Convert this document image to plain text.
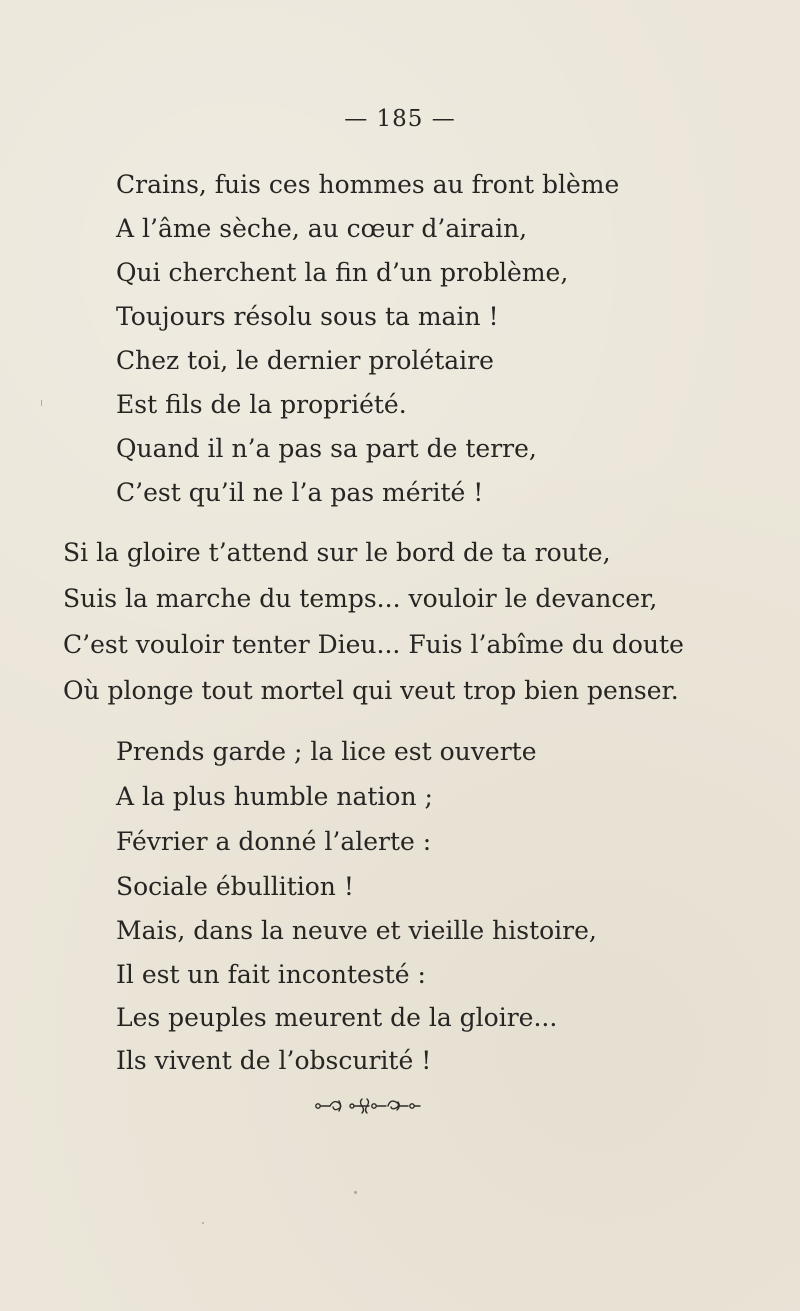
— 185 —
Crains, fuis ces hommes au front blème
A l’âme sèche, au cœur d’airain,
Qui cherchent la fin d’un problème,
Toujours résolu sous ta main !
Chez toi, le dernier prolétaire
Est fils de la propriété.
Quand il n’a pas sa part de terre,
C’est qu’il ne l’a pas mérité !
Si la gloire t’attend sur le bord de ta route,
Suis la marche du temps... vouloir le devancer,
C’est vouloir tenter Dieu... Fuis l’abîme du doute
Où plonge tout mortel qui veut trop bien penser.
Prends garde ; la lice est ouverte
A la plus humble nation ;
Février a donné l’alerte :
Sociale ébullition !
Mais, dans la neuve et vieille histoire,
Il est un fait incontesté :
Les peuples meurent de la gloire...
Ils vivent de l’obscurité !
